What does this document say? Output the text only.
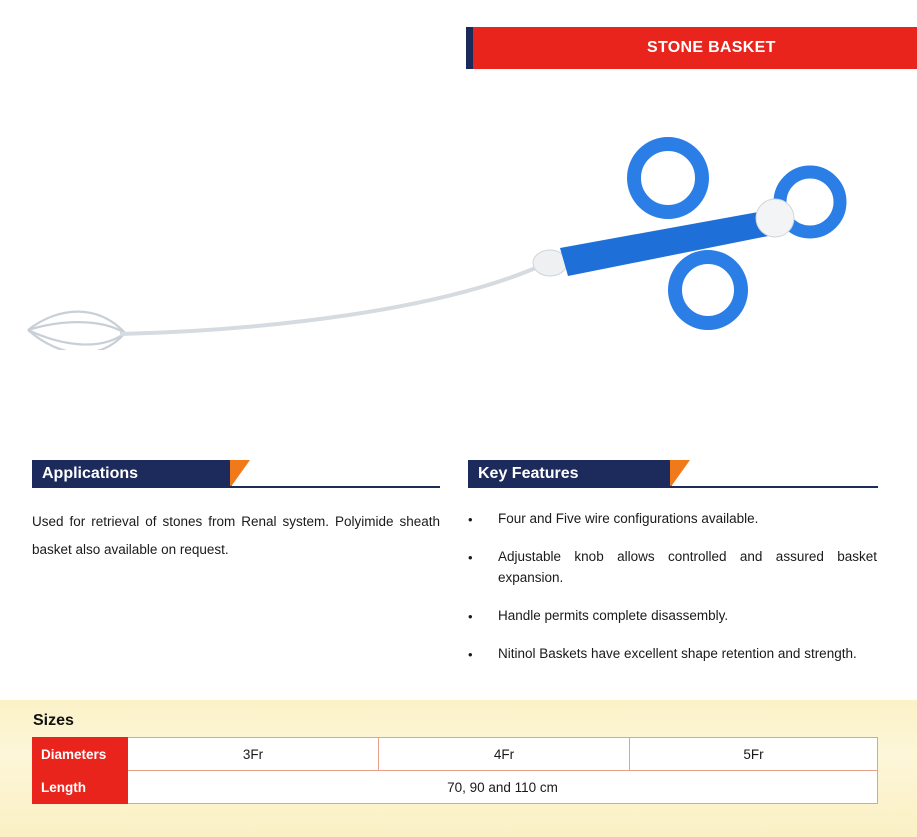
STONE BASKET
Applications
Used for retrieval of stones from Renal system. Polyimide sheath basket also available on request.
Key Features
• Four and Five wire configurations available.
• Adjustable knob allows controlled and assured basket expansion.
• Handle permits complete disassembly.
• Nitinol Baskets have excellent shape retention and strength.
Sizes
Diameters	3Fr	4Fr	5Fr
Length	70, 90 and 110 cm		
